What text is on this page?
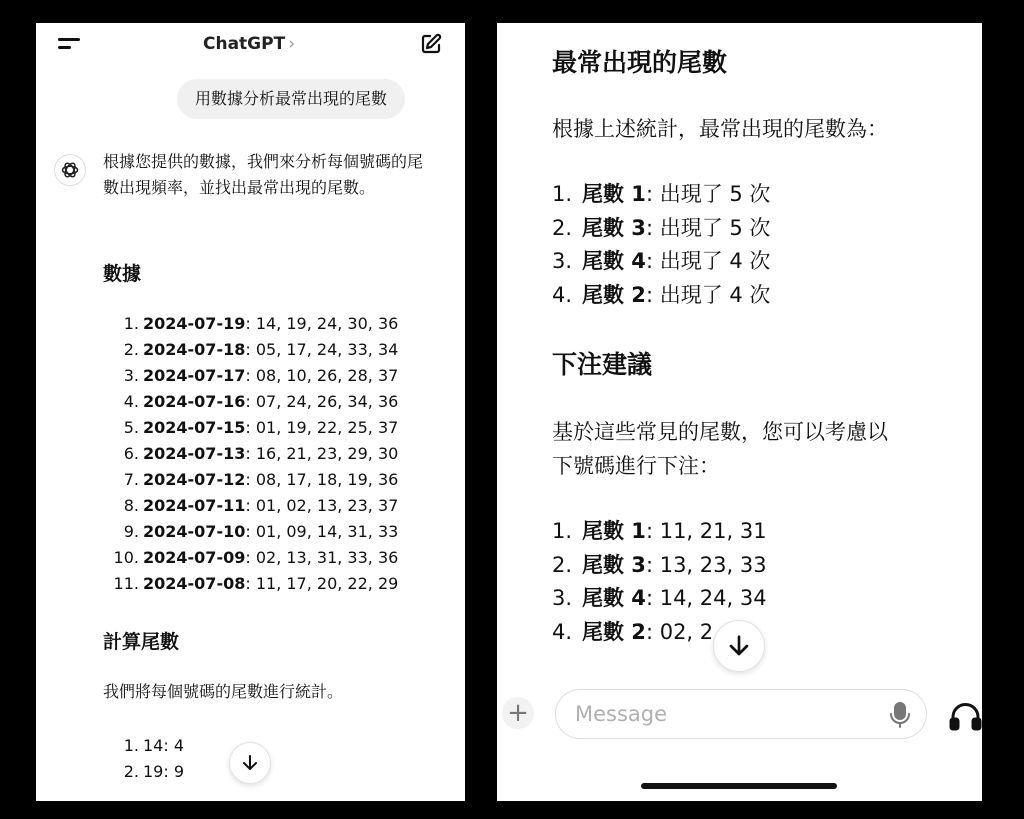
ChatGPT ›
用數據分析最常出現的尾數
根據您提供的數據，我們來分析每個號碼的尾數出現頻率，並找出最常出現的尾數。
數據
1. 2024-07-19: 14, 19, 24, 30, 36
2. 2024-07-18: 05, 17, 24, 33, 34
3. 2024-07-17: 08, 10, 26, 28, 37
4. 2024-07-16: 07, 24, 26, 34, 36
5. 2024-07-15: 01, 19, 22, 25, 37
6. 2024-07-13: 16, 21, 23, 29, 30
7. 2024-07-12: 08, 17, 18, 19, 36
8. 2024-07-11: 01, 02, 13, 23, 37
9. 2024-07-10: 01, 09, 14, 31, 33
10. 2024-07-09: 02, 13, 31, 33, 36
11. 2024-07-08: 11, 17, 20, 22, 29
計算尾數
我們將每個號碼的尾數進行統計。
1. 14: 4
2. 19: 9
最常出現的尾數
根據上述統計，最常出現的尾數為：
1. 尾數 1: 出現了 5 次
2. 尾數 3: 出現了 5 次
3. 尾數 4: 出現了 4 次
4. 尾數 2: 出現了 4 次
下注建議
基於這些常見的尾數，您可以考慮以
下號碼進行下注：
1. 尾數 1: 11, 21, 31
2. 尾數 3: 13, 23, 33
3. 尾數 4: 14, 24, 34
4. 尾數 2: 02, 2
+
Message
